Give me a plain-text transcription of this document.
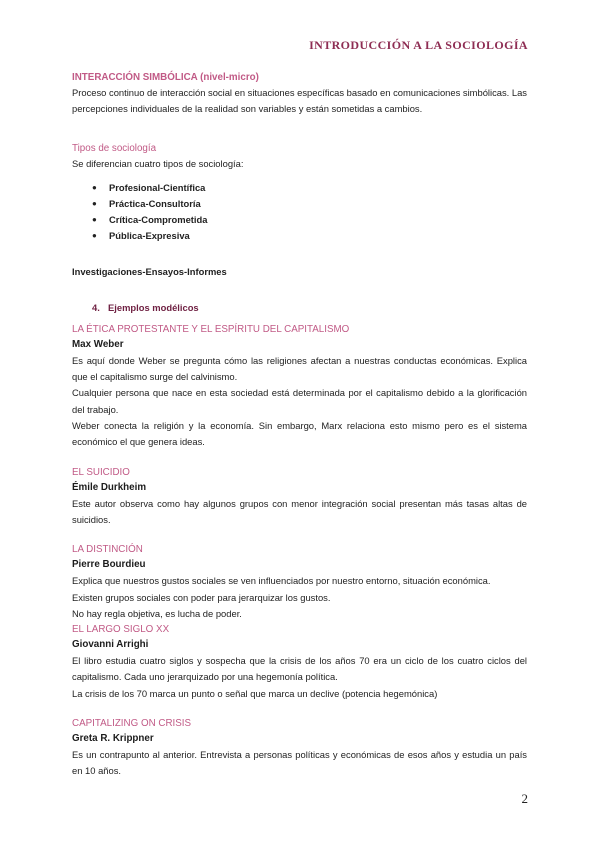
INTRODUCCIÓN A LA SOCIOLOGÍA
INTERACCIÓN SIMBÓLICA (nivel-micro)

Proceso continuo de interacción social en situaciones específicas basado en comunicaciones simbólicas. Las percepciones individuales de la realidad son variables y están sometidas a cambios.

Tipos de sociología

Se diferencian cuatro tipos de sociología:

● Profesional-Científica
● Práctica-Consultoría
● Crítica-Comprometida
● Pública-Expresiva
Investigaciones-Ensayos-Informes
4. Ejemplos modélicos
LA ÉTICA PROTESTANTE Y EL ESPÍRITU DEL CAPITALISMO
Max Weber

Es aquí donde Weber se pregunta cómo las religiones afectan a nuestras conductas económicas. Explica que el capitalismo surge del calvinismo.

Cualquier persona que nace en esta sociedad está determinada por el capitalismo debido a la glorificación del trabajo.

Weber conecta la religión y la economía. Sin embargo, Marx relaciona esto mismo pero es el sistema económico el que genera ideas.

EL SUICIDIO
Émile Durkheim

Este autor observa como hay algunos grupos con menor integración social presentan más tasas altas de suicidios.

LA DISTINCIÓN
Pierre Bourdieu

Explica que nuestros gustos sociales se ven influenciados por nuestro entorno, situación económica.

Existen grupos sociales con poder para jerarquizar los gustos.

No hay regla objetiva, es lucha de poder.

EL LARGO SIGLO XX
Giovanni Arrighi

El libro estudia cuatro siglos y sospecha que la crisis de los años 70 era un ciclo de los cuatro ciclos del capitalismo. Cada uno jerarquizado por una hegemonía política.

La crisis de los 70 marca un punto o señal que marca un declive (potencia hegemónica)

CAPITALIZING ON CRISIS
Greta R. Krippner

Es un contrapunto al anterior. Entrevista a personas políticas y económicas de esos años y estudia un país en 10 años.

2
